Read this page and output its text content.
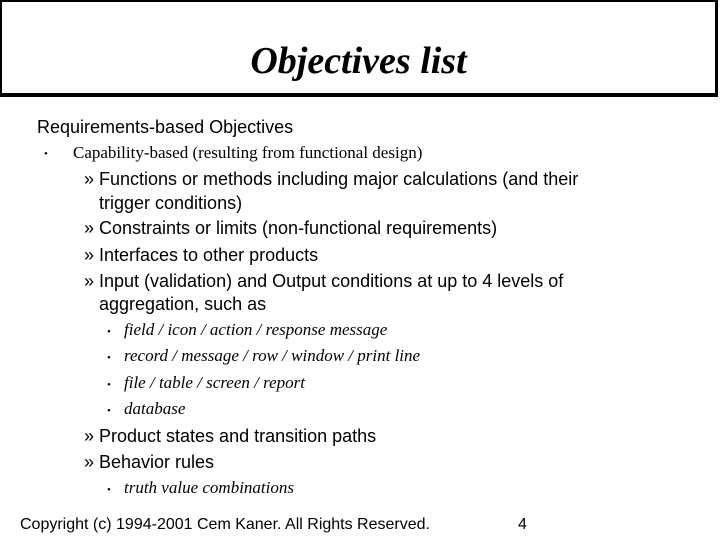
Objectives list
Requirements-based Objectives
• Capability-based (resulting from functional design)
» Functions or methods including major calculations (and their
trigger conditions)
» Constraints or limits (non-functional requirements)
» Interfaces to other products
» Input (validation) and Output conditions at up to 4 levels of
aggregation, such as
• field / icon / action / response message
• record / message / row / window / print line
• file / table / screen / report
• database
» Product states and transition paths
» Behavior rules
• truth value combinations
Copyright (c) 1994-2001 Cem Kaner. All Rights Reserved.	4
